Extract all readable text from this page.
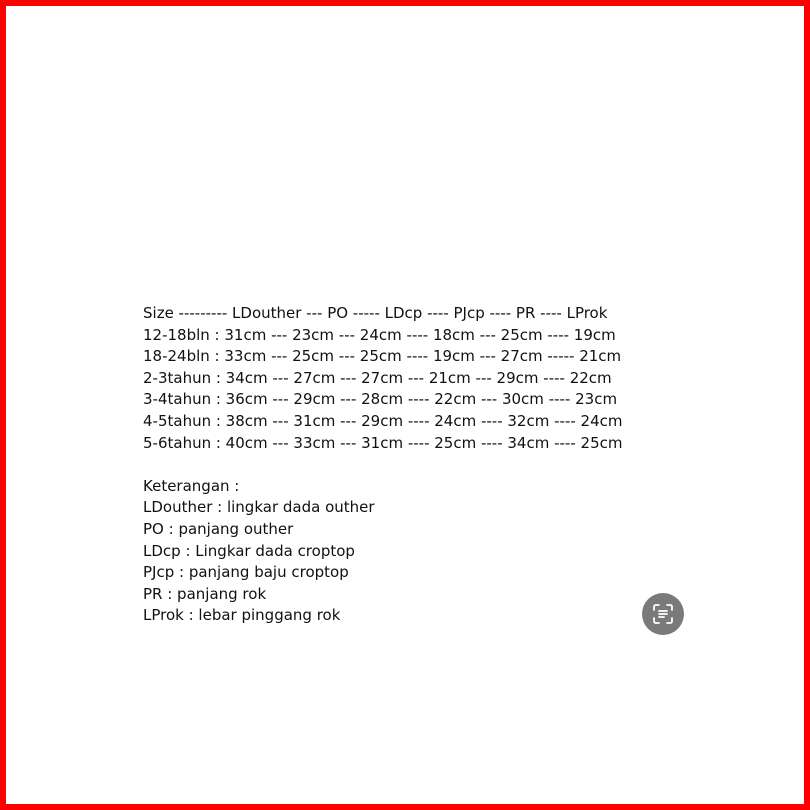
Size --------- LDouther --- PO ----- LDcp ---- PJcp ---- PR ---- LProk
12-18bln : 31cm --- 23cm --- 24cm ---- 18cm --- 25cm ---- 19cm
18-24bln : 33cm --- 25cm --- 25cm ---- 19cm --- 27cm ----- 21cm
2-3tahun : 34cm --- 27cm --- 27cm --- 21cm --- 29cm ---- 22cm
3-4tahun : 36cm --- 29cm --- 28cm ---- 22cm --- 30cm ---- 23cm
4-5tahun : 38cm --- 31cm --- 29cm ---- 24cm ---- 32cm ---- 24cm
5-6tahun : 40cm --- 33cm --- 31cm ---- 25cm ---- 34cm ---- 25cm
Keterangan :
LDouther : lingkar dada outher
PO : panjang outher
LDcp : Lingkar dada croptop
PJcp : panjang baju croptop
PR : panjang rok
LProk : lebar pinggang rok
